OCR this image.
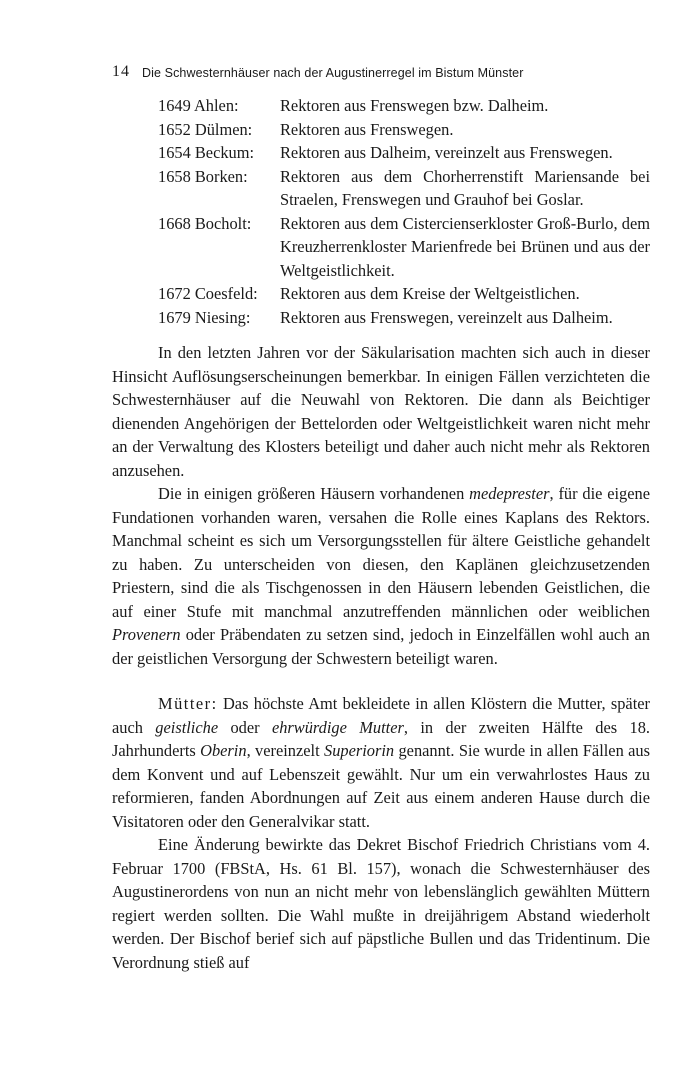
14 Die Schwesternhäuser nach der Augustinerregel im Bistum Münster
1649 Ahlen:	Rektoren aus Frenswegen bzw. Dalheim.
1652 Dülmen:	Rektoren aus Frenswegen.
1654 Beckum:	Rektoren aus Dalheim, vereinzelt aus Frenswegen.
1658 Borken:	Rektoren aus dem Chorherrenstift Mariensande bei Straelen, Frenswegen und Grauhof bei Goslar.
1668 Bocholt:	Rektoren aus dem Cistercienserkloster Groß-Burlo, dem Kreuzherrenkloster Marienfrede bei Brünen und aus der Weltgeistlichkeit.
1672 Coesfeld:	Rektoren aus dem Kreise der Weltgeistlichen.
1679 Niesing:	Rektoren aus Frenswegen, vereinzelt aus Dalheim.

In den letzten Jahren vor der Säkularisation machten sich auch in dieser Hinsicht Auflösungserscheinungen bemerkbar. In einigen Fällen verzichteten die Schwesternhäuser auf die Neuwahl von Rektoren. Die dann als Beichtiger dienenden Angehörigen der Bettelorden oder Weltgeistlichkeit waren nicht mehr an der Verwaltung des Klosters beteiligt und daher auch nicht mehr als Rektoren anzusehen.

Die in einigen größeren Häusern vorhandenen medeprester, für die eigene Fundationen vorhanden waren, versahen die Rolle eines Kaplans des Rektors. Manchmal scheint es sich um Versorgungsstellen für ältere Geistliche gehandelt zu haben. Zu unterscheiden von diesen, den Kaplänen gleichzusetzenden Priestern, sind die als Tischgenossen in den Häusern lebenden Geistlichen, die auf einer Stufe mit manchmal anzutreffenden männlichen oder weiblichen Provenern oder Präbendaten zu setzen sind, jedoch in Einzelfällen wohl auch an der geistlichen Versorgung der Schwestern beteiligt waren.

Mütter: Das höchste Amt bekleidete in allen Klöstern die Mutter, später auch geistliche oder ehrwürdige Mutter, in der zweiten Hälfte des 18. Jahrhunderts Oberin, vereinzelt Superiorin genannt. Sie wurde in allen Fällen aus dem Konvent und auf Lebenszeit gewählt. Nur um ein verwahrlostes Haus zu reformieren, fanden Abordnungen auf Zeit aus einem anderen Hause durch die Visitatoren oder den Generalvikar statt.

Eine Änderung bewirkte das Dekret Bischof Friedrich Christians vom 4. Februar 1700 (FBStA, Hs. 61 Bl. 157), wonach die Schwesternhäuser des Augustinerordens von nun an nicht mehr von lebenslänglich gewählten Müttern regiert werden sollten. Die Wahl mußte in dreijährigem Abstand wiederholt werden. Der Bischof berief sich auf päpstliche Bullen und das Tridentinum. Die Verordnung stieß auf
